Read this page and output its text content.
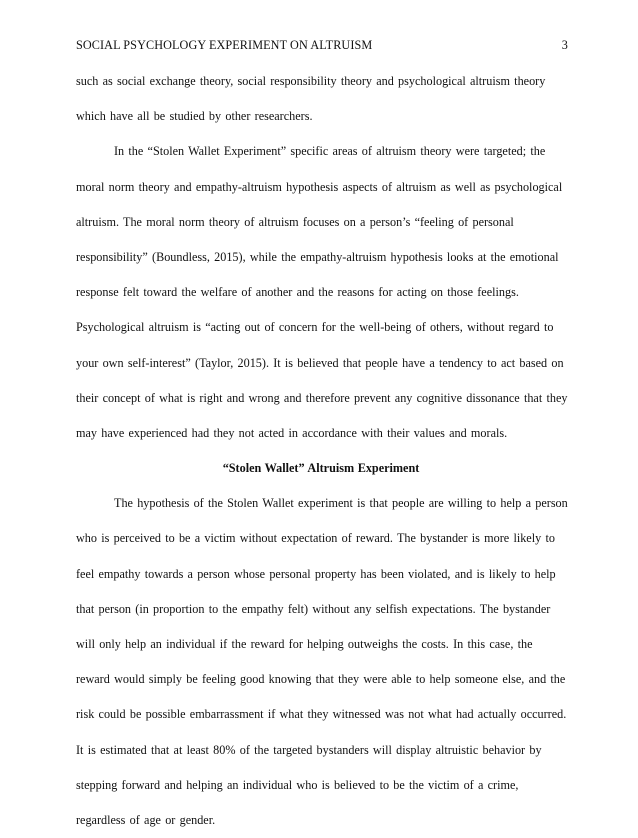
SOCIAL PSYCHOLOGY EXPERIMENT ON ALTRUISM	3
such as social exchange theory, social responsibility theory and psychological altruism theory
which have all be studied by other researchers.
In the “Stolen Wallet Experiment” specific areas of altruism theory were targeted; the
moral norm theory and empathy-altruism hypothesis aspects of altruism as well as psychological
altruism. The moral norm theory of altruism focuses on a person’s “feeling of personal
responsibility” (Boundless, 2015), while the empathy-altruism hypothesis looks at the emotional
response felt toward the welfare of another and the reasons for acting on those feelings.
Psychological altruism is “acting out of concern for the well-being of others, without regard to
your own self-interest” (Taylor, 2015). It is believed that people have a tendency to act based on
their concept of what is right and wrong and therefore prevent any cognitive dissonance that they
may have experienced had they not acted in accordance with their values and morals.
“Stolen Wallet” Altruism Experiment
The hypothesis of the Stolen Wallet experiment is that people are willing to help a person
who is perceived to be a victim without expectation of reward. The bystander is more likely to
feel empathy towards a person whose personal property has been violated, and is likely to help
that person (in proportion to the empathy felt) without any selfish expectations. The bystander
will only help an individual if the reward for helping outweighs the costs. In this case, the
reward would simply be feeling good knowing that they were able to help someone else, and the
risk could be possible embarrassment if what they witnessed was not what had actually occurred.
It is estimated that at least 80% of the targeted bystanders will display altruistic behavior by
stepping forward and helping an individual who is believed to be the victim of a crime,
regardless of age or gender.
